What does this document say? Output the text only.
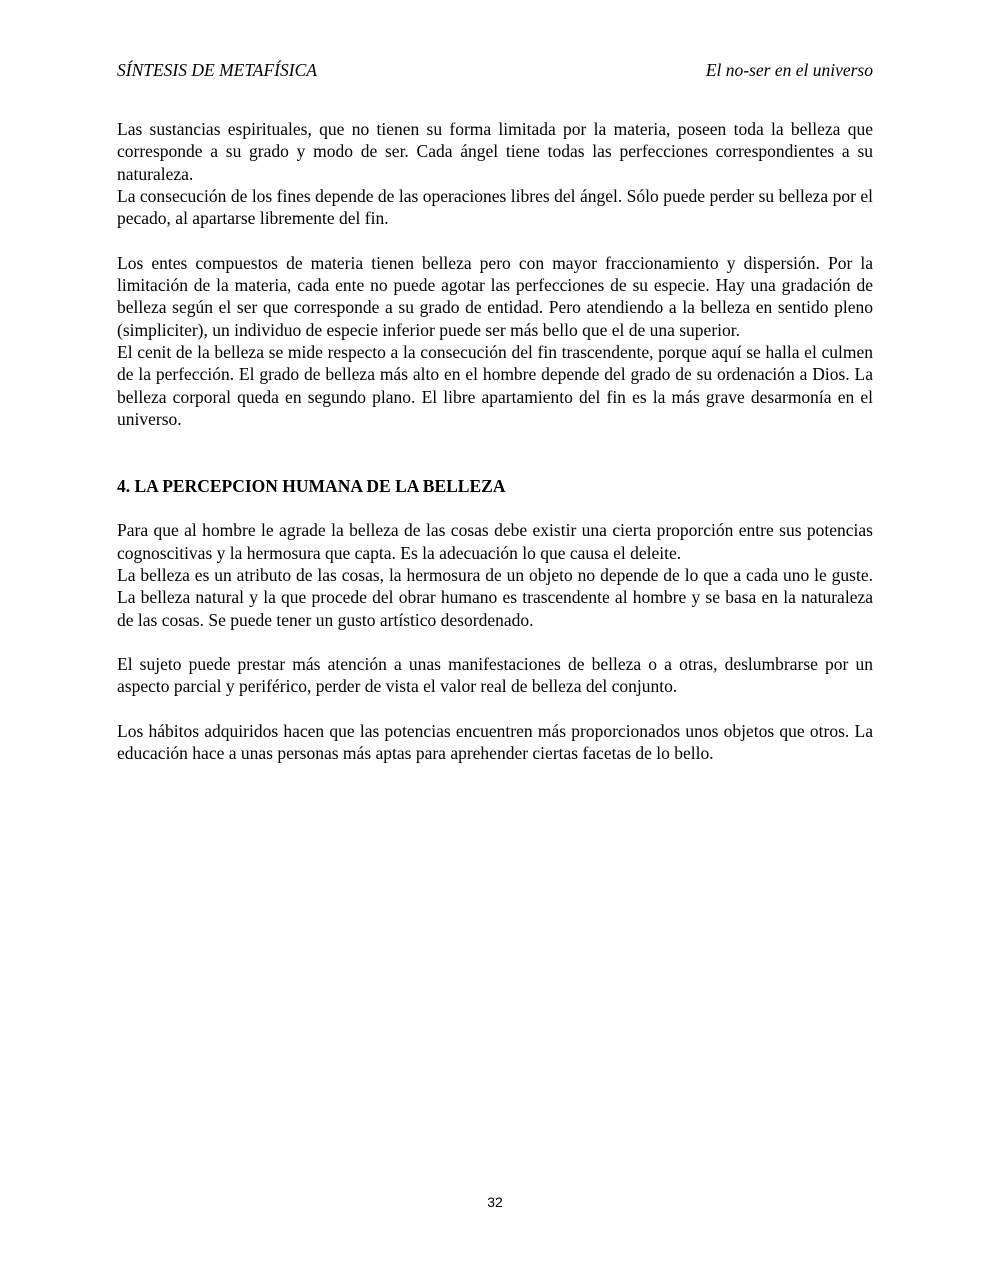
SÍNTESIS DE METAFÍSICA	El no-ser en el universo

Las sustancias espirituales, que no tienen su forma limitada por la materia, poseen toda la belleza que corresponde a su grado y modo de ser. Cada ángel tiene todas las perfecciones correspondientes a su naturaleza.

La consecución de los fines depende de las operaciones libres del ángel. Sólo puede perder su belleza por el pecado, al apartarse libremente del fin.

Los entes compuestos de materia tienen belleza pero con mayor fraccionamiento y dispersión. Por la limitación de la materia, cada ente no puede agotar las perfecciones de su especie. Hay una gradación de belleza según el ser que corresponde a su grado de entidad. Pero atendiendo a la belleza en sentido pleno (simpliciter), un individuo de especie inferior puede ser más bello que el de una superior.

El cenit de la belleza se mide respecto a la consecución del fin trascendente, porque aquí se halla el culmen de la perfección. El grado de belleza más alto en el hombre depende del grado de su ordenación a Dios. La belleza corporal queda en segundo plano. El libre apartamiento del fin es la más grave desarmonía en el universo.

4. LA PERCEPCION HUMANA DE LA BELLEZA

Para que al hombre le agrade la belleza de las cosas debe existir una cierta proporción entre sus potencias cognoscitivas y la hermosura que capta. Es la adecuación lo que causa el deleite.

La belleza es un atributo de las cosas, la hermosura de un objeto no depende de lo que a cada uno le guste. La belleza natural y la que procede del obrar humano es trascendente al hombre y se basa en la naturaleza de las cosas. Se puede tener un gusto artístico desordenado.

El sujeto puede prestar más atención a unas manifestaciones de belleza o a otras, deslumbrarse por un aspecto parcial y periférico, perder de vista el valor real de belleza del conjunto.

Los hábitos adquiridos hacen que las potencias encuentren más proporcionados unos objetos que otros. La educación hace a unas personas más aptas para aprehender ciertas facetas de lo bello.

32
